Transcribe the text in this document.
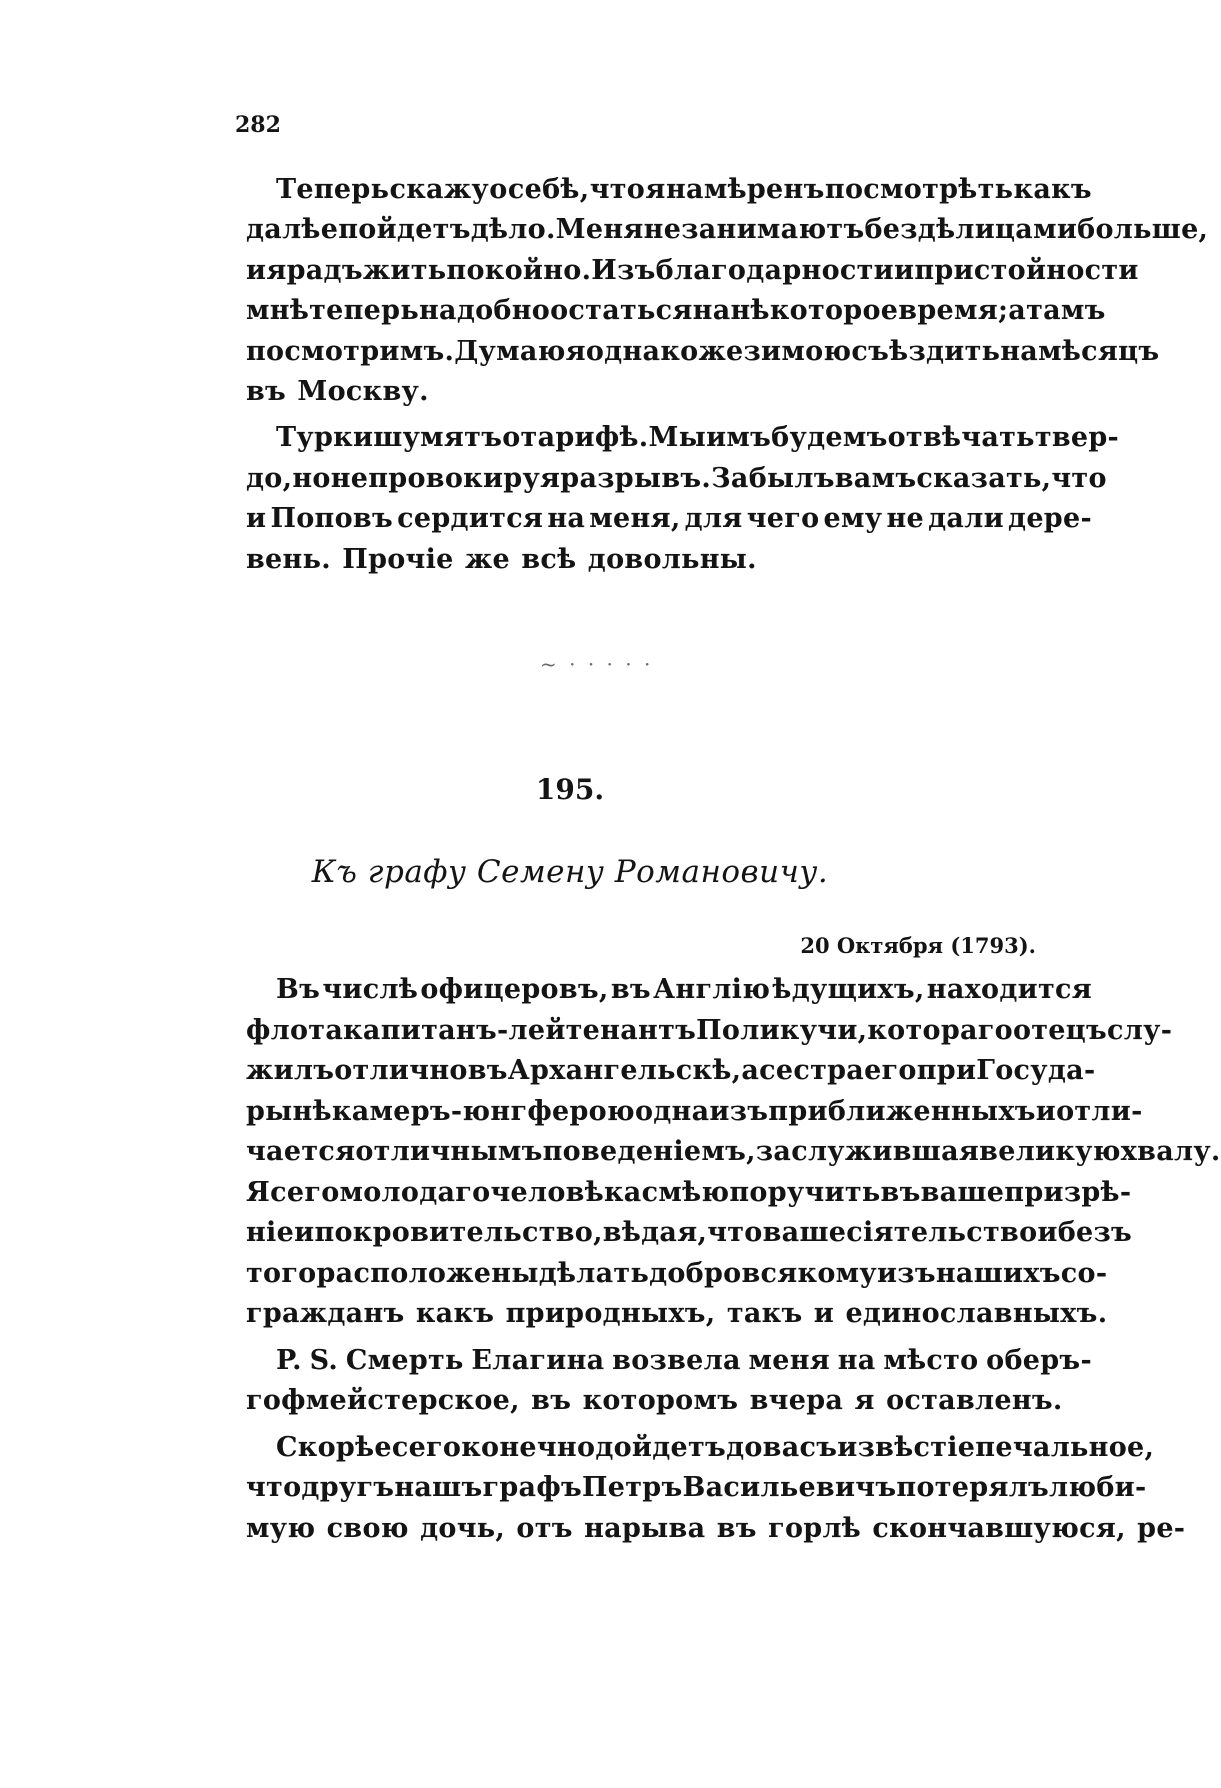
282
Теперь скажу о себѣ, что я намѣренъ посмотрѣть какъ
далѣе пойдетъ дѣло. Меня не занимаютъ бездѣлицами больше,
и я радъ жить покойно. Изъ благодарности и пристойности
мнѣ теперь надобно остаться на нѣкоторое время; а тамъ
посмотримъ. Думаю я однакоже зимою съѣздить на мѣсяцъ
въ Москву.
Турки шумятъ о тарифѣ. Мы имъ будемъ отвѣчать твер-
до, но не провокируя разрывъ. Забылъ вамъ сказать, что
и Поповъ сердится на меня, для чего ему не дали дере-
вень. Прочіе же всѣ довольны.
~ · · · · ·
195.
Къ графу Семену Романовичу.
20 Октября (1793).
Въ числѣ офицеровъ, въ Англію ѣдущихъ, находится
флота капитанъ-лейтенантъ Поликучи, котораго отецъ слу-
жилъ отлично въ Архангельскѣ, а сестра его при Госуда-
рынѣ камеръ-юнгферою одна изъ приближенныхъ и отли-
чается отличнымъ поведеніемъ, заслужившая великую хвалу.
Я сего молодаго человѣка смѣю поручить въ ваше призрѣ-
ніе и покровительство, вѣдая, что ваше сіятельство и безъ
того расположены дѣлать добро всякому изъ нашихъ со-
гражданъ какъ природныхъ, такъ и единославныхъ.
P. S. Смерть Елагина возвела меня на мѣсто оберъ-
гофмейстерское, въ которомъ вчера я оставленъ.
Скорѣе сего конечно дойдетъ до васъ извѣстіе печальное,
что другъ нашъ графъ Петръ Васильевичъ потерялъ люби-
мую свою дочь, отъ нарыва въ горлѣ скончавшуюся, ре-
